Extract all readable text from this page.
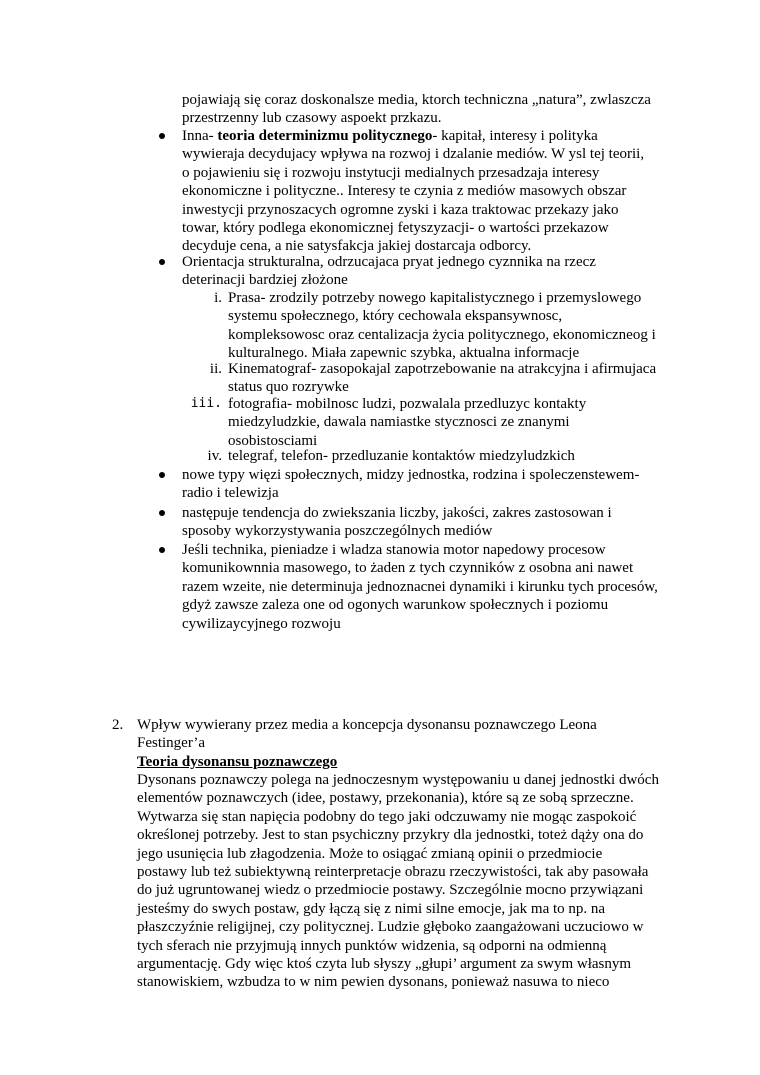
pojawiają się coraz doskonalsze media, ktorch techniczna „natura”, zwlaszcza
przestrzenny lub czasowy aspoekt przkazu.
Inna- teoria determinizmu politycznego- kapitał, interesy i polityka
wywieraja decydujacy wpływa na rozwoj i dzalanie mediów. W ysl tej teorii,
o pojawieniu się i rozwoju instytucji medialnych przesadzaja interesy
ekonomiczne i polityczne.. Interesy te czynia z mediów masowych obszar
inwestycji przynoszacych ogromne zyski i kaza traktowac przekazy jako
towar, który podlega ekonomicznej fetyszyzacji- o wartości przekazow
decyduje cena, a nie satysfakcja jakiej dostarcaja odborcy.
Orientacja strukturalna, odrzucajaca pryat jednego cyznnika na rzecz
deterinacji bardziej złożone
i. Prasa- zrodzily potrzeby nowego kapitalistycznego i przemyslowego
systemu społecznego, który cechowala ekspansywnosc,
kompleksowosc oraz centalizacja życia politycznego, ekonomiczneog i
kulturalnego. Miała zapewnic szybka, aktualna informacje
ii. Kinematograf- zasopokajal zapotrzebowanie na atrakcyjna i afirmujaca
status quo rozrywke
iii. fotografia- mobilnosc ludzi, pozwalala przedluzyc kontakty
miedzyludzkie, dawala namiastke stycznosci ze znanymi
osobistosciami
iv. telegraf, telefon- przedluzanie kontaktów miedzyludzkich
nowe typy więzi społecznych, midzy jednostka, rodzina i spoleczenstewem-
radio i telewizja
następuje tendencja do zwiekszania liczby, jakości, zakres zastosowan i
sposoby wykorzystywania poszczególnych mediów
Jeśli technika, pieniadze i wladza stanowia motor napedowy procesow
komunikownnia masowego, to żaden z tych czynników z osobna ani nawet
razem wzeite, nie determinuja jednoznacnei dynamiki i kirunku tych procesów,
gdyż zawsze zaleza one od ogonych warunkow społecznych i poziomu
cywilizaycyjnego rozwoju
2. Wpływ wywierany przez media a koncepcja dysonansu poznawczego Leona
Festinger’a
Teoria dysonansu poznawczego
Dysonans poznawczy polega na jednoczesnym występowaniu u danej jednostki dwóch
elementów poznawczych (idee, postawy, przekonania), które są ze sobą sprzeczne.
Wytwarza się stan napięcia podobny do tego jaki odczuwamy nie mogąc zaspokoić
określonej potrzeby. Jest to stan psychiczny przykry dla jednostki, toteż dąży ona do
jego usunięcia lub złagodzenia. Może to osiągać zmianą opinii o przedmiocie
postawy lub też subiektywną reinterpretacje obrazu rzeczywistości, tak aby pasowała
do już ugruntowanej wiedz o przedmiocie postawy. Szczególnie mocno przywiązani
jesteśmy do swych postaw, gdy łączą się z nimi silne emocje, jak ma to np. na
płaszczyźnie religijnej, czy politycznej. Ludzie głęboko zaangażowani uczuciowo w
tych sferach nie przyjmują innych punktów widzenia, są odporni na odmienną
argumentację. Gdy więc ktoś czyta lub słyszy „głupi’ argument za swym własnym
stanowiskiem, wzbudza to w nim pewien dysonans, ponieważ nasuwa to nieco
